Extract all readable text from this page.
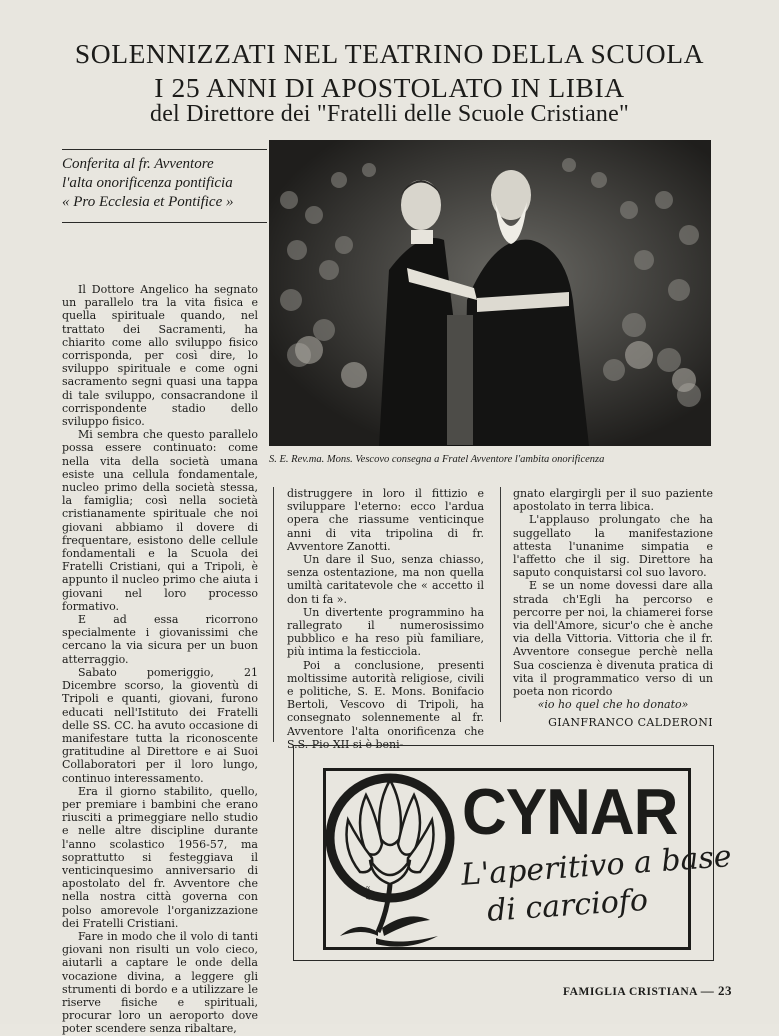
SOLENNIZZATI NEL TEATRINO DELLA SCUOLA
I 25 ANNI DI APOSTOLATO IN LIBIA
del Direttore dei "Fratelli delle Scuole Cristiane"
Conferita al fr. Avventore
l'alta onorificenza pontificia
« Pro Ecclesia et Pontifice »
S. E. Rev.ma. Mons. Vescovo consegna a Fratel Avventore l'ambita onorificenza

Il Dottore Angelico ha segnato un parallelo tra la vita fisica e quella spirituale quando, nel trattato dei Sacramenti, ha chiarito come allo sviluppo fisico corrisponda, per così dire, lo sviluppo spirituale e come ogni sacramento segni quasi una tappa di tale sviluppo, consacrandone il corrispondente stadio dello sviluppo fisico.

Mi sembra che questo parallelo possa essere continuato: come nella vita della società umana esiste una cellula fondamentale, nucleo primo della società stessa, la famiglia; così nella società cristianamente spirituale che noi giovani abbiamo il dovere di frequentare, esistono delle cellule fondamentali e la Scuola dei Fratelli Cristiani, qui a Tripoli, è appunto il nucleo primo che aiuta i giovani nel loro processo formativo.

E ad essa ricorrono specialmente i giovanissimi che cercano la via sicura per un buon atterraggio.

Sabato pomeriggio, 21 Dicembre scorso, la gioventù di Tripoli e quanti, giovani, furono educati nell'Istituto dei Fratelli delle SS. CC. ha avuto occasione di manifestare tutta la riconoscente gratitudine al Direttore e ai Suoi Collaboratori per il loro lungo, continuo interessamento.

Era il giorno stabilito, quello, per premiare i bambini che erano riusciti a primeggiare nello studio e nelle altre discipline durante l'anno scolastico 1956-57, ma soprattutto si festeggiava il venticinquesimo anniversario di apostolato del fr. Avventore che nella nostra città governa con polso amorevole l'organizzazione dei Fratelli Cristiani.

Fare in modo che il volo di tanti giovani non risulti un volo cieco, aiutarli a captare le onde della vocazione divina, a leggere gli strumenti di bordo e a utilizzare le riserve fisiche e spirituali, procurar loro un aeroporto dove poter scendere senza ribaltare,

distruggere in loro il fittizio e sviluppare l'eterno: ecco l'ardua opera che riassume venticinque anni di vita tripolina di fr. Avventore Zanotti.

Un dare il Suo, senza chiasso, senza ostentazione, ma non quella umiltà caritatevole che « accetto il don ti fa ».

Un divertente programmino ha rallegrato il numerosissimo pubblico e ha reso più familiare, più intima la festicciola.

Poi a conclusione, presenti moltissime autorità religiose, civili e politiche, S. E. Mons. Bonifacio Bertoli, Vescovo di Tripoli, ha consegnato solennemente al fr. Avventore l'alta onorificenza che S.S. Pio XII si è beni-

gnato elargirgli per il suo paziente apostolato in terra libica.

L'applauso prolungato che ha suggellato la manifestazione attesta l'unanime simpatia e l'affetto che il sig. Direttore ha saputo conquistarsi col suo lavoro.

E se un nome dovessi dare alla strada ch'Egli ha percorso e percorre per noi, la chiamerei forse via dell'Amore, sicur'o che è anche via della Vittoria. Vittoria che il fr. Avventore consegue perchè nella Sua coscienza è divenuta pratica di vita il programmatico verso di un poeta non ricordo

«io ho quel che ho donato»

GIANFRANCO CALDERONI

ARAR
CYNAR
L'aperitivo a base
di carciofo
FAMIGLIA CRISTIANA — 23
